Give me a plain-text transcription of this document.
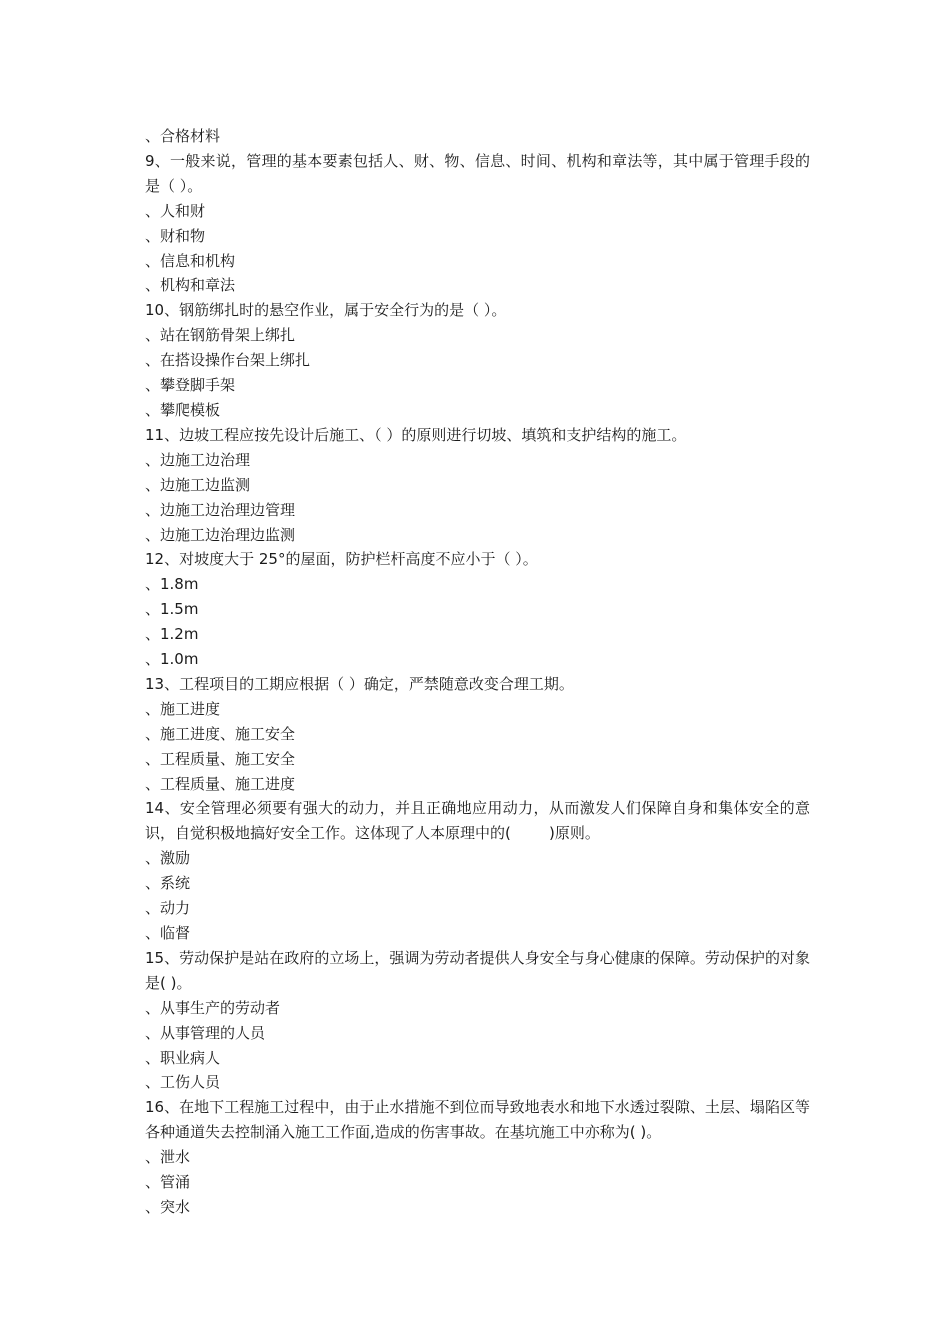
、合格材料
9、一般来说，管理的基本要素包括人、财、物、信息、时间、机构和章法等，其中属于管理手段的是（ ）。
、人和财
、财和物
、信息和机构
、机构和章法
10、钢筋绑扎时的悬空作业，属于安全行为的是（ ）。
、站在钢筋骨架上绑扎
、在搭设操作台架上绑扎
、攀登脚手架
、攀爬模板
11、边坡工程应按先设计后施工、（ ）的原则进行切坡、填筑和支护结构的施工。
、边施工边治理
、边施工边监测
、边施工边治理边管理
、边施工边治理边监测
12、对坡度大于 25°的屋面，防护栏杆高度不应小于（ ）。
、1.8m
、1.5m
、1.2m
、1.0m
13、工程项目的工期应根据（ ）确定，严禁随意改变合理工期。
、施工进度
、施工进度、施工安全
、工程质量、施工安全
、工程质量、施工进度
14、安全管理必须要有强大的动力，并且正确地应用动力，从而激发人们保障自身和集体安全的意识，自觉积极地搞好安全工作。这体现了人本原理中的(        )原则。
、激励
、系统
、动力
、临督
15、劳动保护是站在政府的立场上，强调为劳动者提供人身安全与身心健康的保障。劳动保护的对象是( )。
、从事生产的劳动者
、从事管理的人员
、职业病人
、工伤人员
16、在地下工程施工过程中，由于止水措施不到位而导致地表水和地下水透过裂隙、土层、塌陷区等各种通道失去控制涌入施工工作面,造成的伤害事故。在基坑施工中亦称为( )。
、泄水
、管涌
、突水
